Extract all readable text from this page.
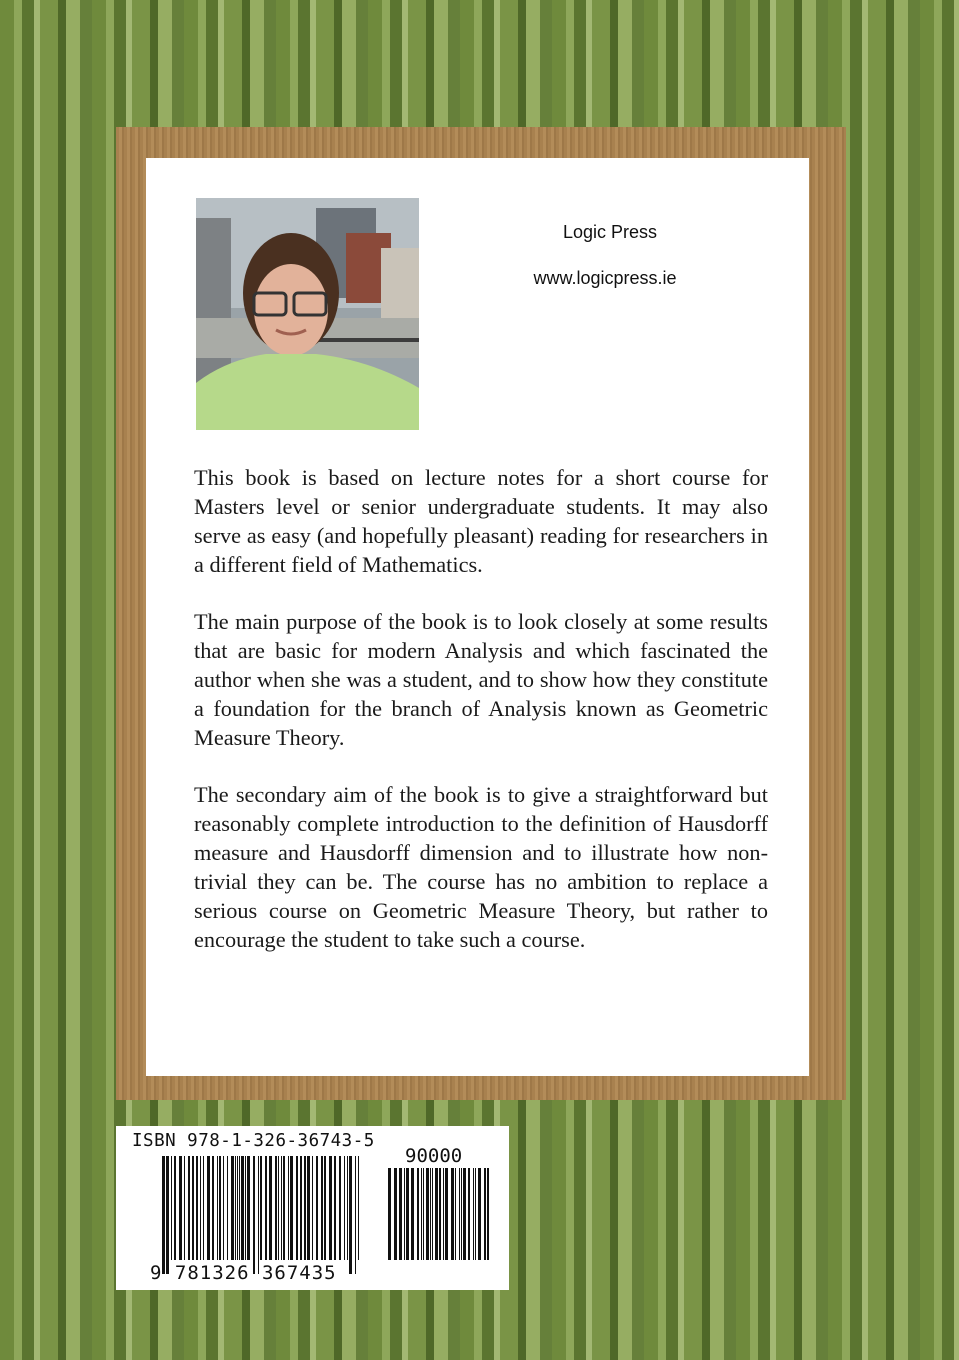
Logic Press
www.logicpress.ie

This book is based on lecture notes for a short course for Masters level or senior undergraduate students. It may also serve as easy (and hopefully pleasant) reading for researchers in a different field of Mathematics.

The main purpose of the book is to look closely at some results that are basic for modern Analysis and which fascinated the author when she was a student, and to show how they constitute a foundation for the branch of Analysis known as Geometric Measure Theory.

The secondary aim of the book is to give a straightforward but reasonably complete introduction to the definition of Hausdorff measure and Hausdorff dimension and to illustrate how non-trivial they can be. The course has no ambition to replace a serious course on Geometric Measure Theory, but rather to encourage the student to take such a course.

ISBN 978-1-326-36743-5
90000
9 781326 367435
